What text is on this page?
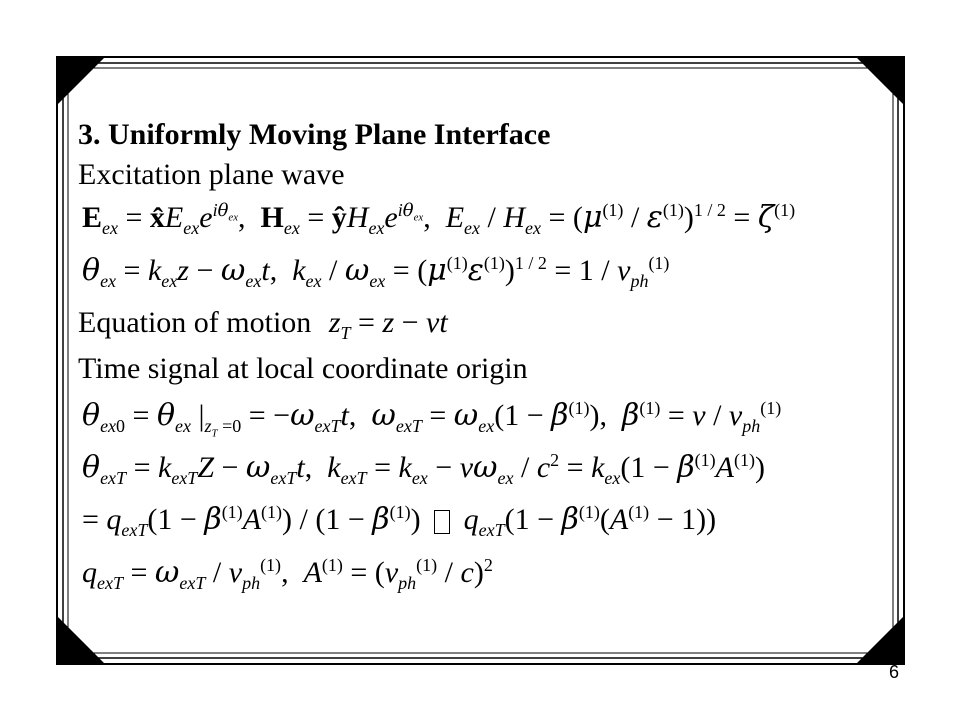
3. Uniformly Moving Plane Interface
Excitation plane wave
$E_{ex}$ = $x̂E_{ex}e^{i\theta_{ex}}$,  $H_{ex}$ = $ŷH_{ex}e^{i\theta_{ex}}$,  $E_{ex} / H_{ex} = (\mu^{(1)} / \varepsilon^{(1)})^{1 / 2} = \zeta^{(1)}$
$\theta_{ex} = k_{ex}z - \omega_{ex}t$,  $k_{ex} / \omega_{ex} = (\mu^{(1)}\varepsilon^{(1)})^{1 / 2} = 1 / v_{ph}^{(1)}$
Equation of motion $z_T = z$ − vt
Time signal at local coordinate origin
$\theta_{ex0} = \theta_{ex}$ $|_{z_T =0} = -\omega_{exT}t$,  $\omega_{exT} = \omega_{ex}(1 - \beta^{(1)})$,  $\beta^{(1)} = v / v_{ph}^{(1)}$
$\theta_{exT} = k_{exT}Z - \omega_{exT}t$,  $k_{exT} = k_{ex} - v\omega_{ex} / c^2 = k_{ex}(1 - \beta^{(1)}A^{(1)})$
= $q_{exT}(1 - \beta^{(1)}A^{(1)}) / (1 - \beta^{(1)}) q_{exT}(1 - \beta^{(1)}(A^{(1)} - 1))$
$q_{exT} = \omega_{exT} / v_{ph}^{(1)}$,  $A^{(1)} = (v_{ph}^{(1)} / c)^2$
6
